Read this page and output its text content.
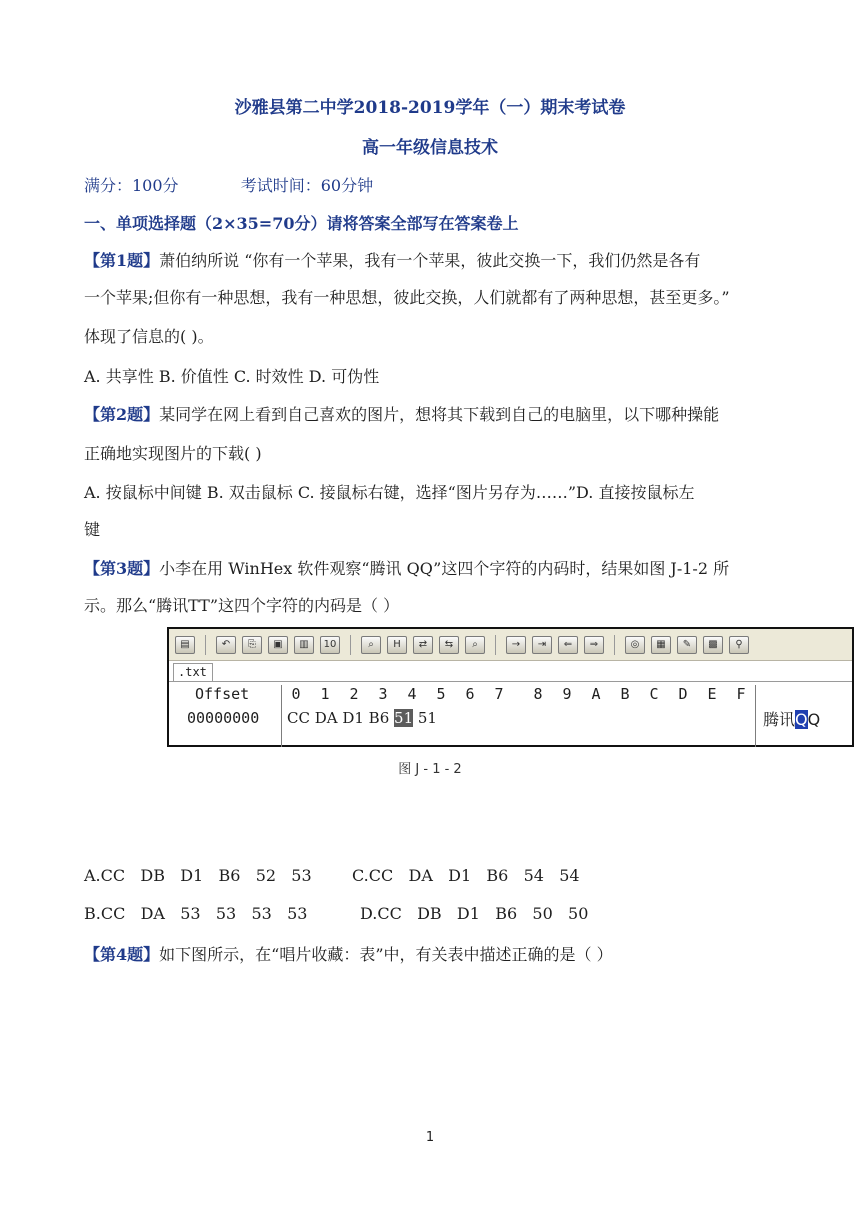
沙雅县第二中学2018-2019学年（一）期末考试卷
高一年级信息技术
满分：100分	考试时间：60分钟
一、单项选择题（2×35=70分）请将答案全部写在答案卷上
【第1题】萧伯纳所说 “你有一个苹果，我有一个苹果，彼此交换一下，我们仍然是各有
一个苹果;但你有一种思想，我有一种思想，彼此交换，人们就都有了两种思想，甚至更多。”
体现了信息的( )。
A. 共享性 B. 价值性 C. 时效性 D. 可伪性
【第2题】某同学在网上看到自己喜欢的图片，想将其下载到自己的电脑里，以下哪种操能
正确地实现图片的下载( )
A. 按鼠标中间键 B. 双击鼠标 C. 接鼠标右键，选择“图片另存为……”D. 直接按鼠标左
键
【第3题】小李在用 WinHex 软件观察“腾讯 QQ”这四个字符的内码时，结果如图 J-1-2 所
示。那么“腾讯TT”这四个字符的内码是（ ）
▤	↶	⎘	▣	▥	10	⌕	H	⇄	⇆	⌕	→	⇥	⇐	⇒	◎	▦	✎	▩	⚲
.txt
Offset	0	1	2	3	4	5	6	7	8	9	A	B	C	D	E	F
00000000 CC DA D1 B6 51 51	腾讯QQ
图 J - 1 - 2
A.CC   DB   D1   B6   52   53	C.CC   DA   D1   B6   54   54
B.CC   DA   53   53   53   53	D.CC   DB   D1   B6   50   50
【第4题】如下图所示，在“唱片收藏：表”中，有关表中描述正确的是（ ）
1
